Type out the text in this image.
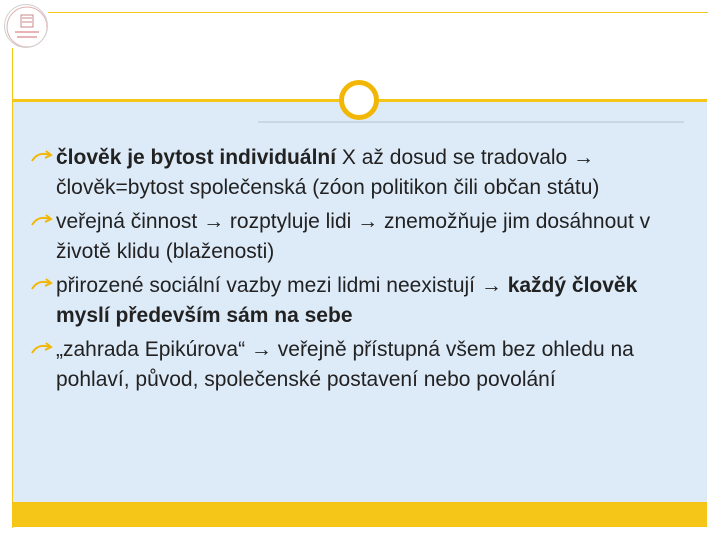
člověk je bytost individuální X až dosud se tradovalo → člověk=bytost společenská (zóon politikon čili občan státu)
veřejná činnost → rozptyluje lidi → znemožňuje jim dosáhnout v životě klidu (blaženosti)
přirozené sociální vazby mezi lidmi neexistují → každý člověk myslí především sám na sebe
„zahrada Epikúrova“ → veřejně přístupná všem bez ohledu na pohlaví, původ, společenské postavení nebo povolání
